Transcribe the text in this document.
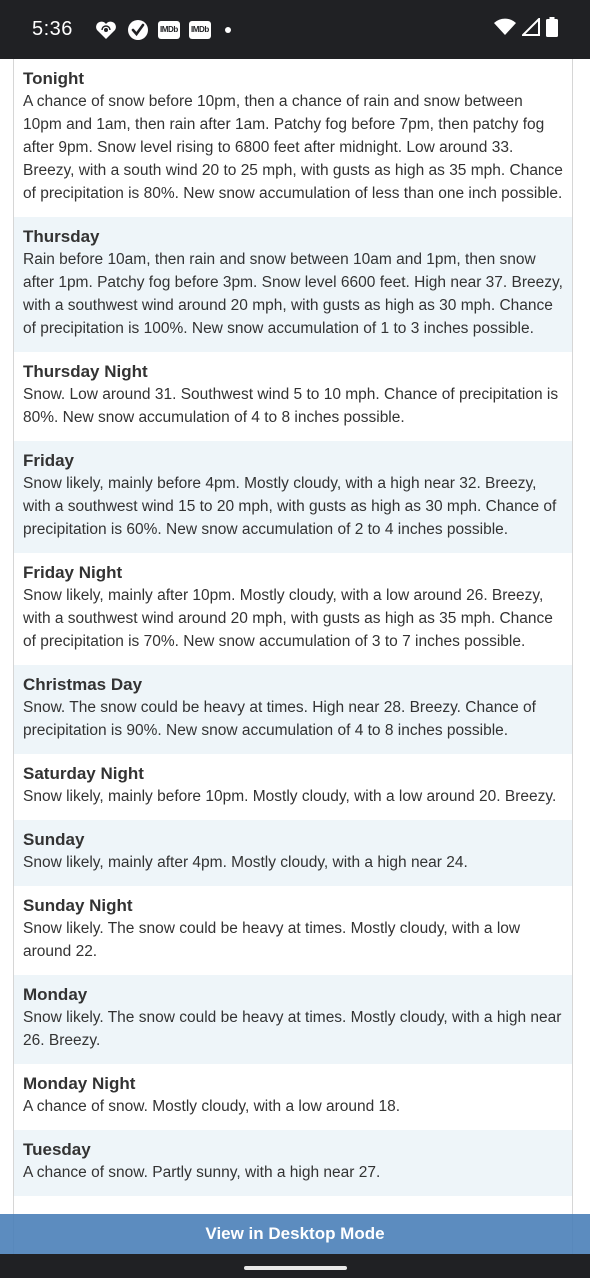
5:36	IMDb IMDb
Tonight
A chance of snow before 10pm, then a chance of rain and snow between 10pm and 1am, then rain after 1am. Patchy fog before 7pm, then patchy fog after 9pm. Snow level rising to 6800 feet after midnight. Low around 33. Breezy, with a south wind 20 to 25 mph, with gusts as high as 35 mph. Chance of precipitation is 80%. New snow accumulation of less than one inch possible.
Thursday
Rain before 10am, then rain and snow between 10am and 1pm, then snow after 1pm. Patchy fog before 3pm. Snow level 6600 feet. High near 37. Breezy, with a southwest wind around 20 mph, with gusts as high as 30 mph. Chance of precipitation is 100%. New snow accumulation of 1 to 3 inches possible.
Thursday Night
Snow. Low around 31. Southwest wind 5 to 10 mph. Chance of precipitation is 80%. New snow accumulation of 4 to 8 inches possible.
Friday
Snow likely, mainly before 4pm. Mostly cloudy, with a high near 32. Breezy, with a southwest wind 15 to 20 mph, with gusts as high as 30 mph. Chance of precipitation is 60%. New snow accumulation of 2 to 4 inches possible.
Friday Night
Snow likely, mainly after 10pm. Mostly cloudy, with a low around 26. Breezy, with a southwest wind around 20 mph, with gusts as high as 35 mph. Chance of precipitation is 70%. New snow accumulation of 3 to 7 inches possible.
Christmas Day
Snow. The snow could be heavy at times. High near 28. Breezy. Chance of precipitation is 90%. New snow accumulation of 4 to 8 inches possible.
Saturday Night
Snow likely, mainly before 10pm. Mostly cloudy, with a low around 20. Breezy.
Sunday
Snow likely, mainly after 4pm. Mostly cloudy, with a high near 24.
Sunday Night
Snow likely. The snow could be heavy at times. Mostly cloudy, with a low around 22.
Monday
Snow likely. The snow could be heavy at times. Mostly cloudy, with a high near 26. Breezy.
Monday Night
A chance of snow. Mostly cloudy, with a low around 18.
Tuesday
A chance of snow. Partly sunny, with a high near 27.
View in Desktop Mode
